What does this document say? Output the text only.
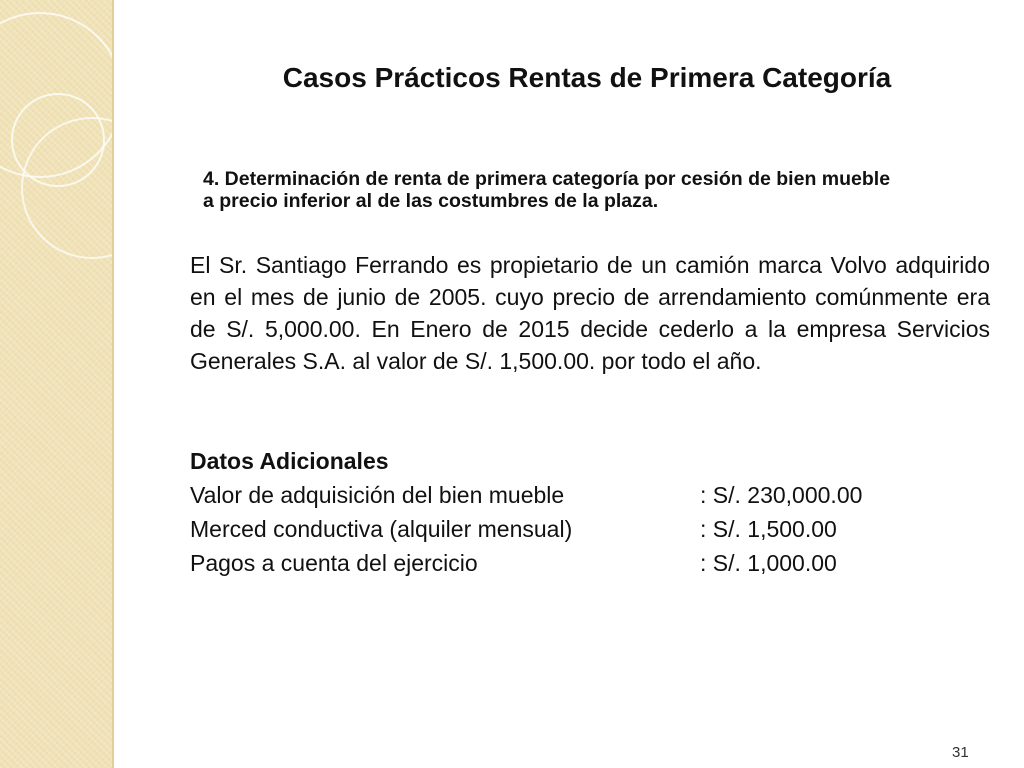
Casos Prácticos Rentas de Primera Categoría

4. Determinación de renta de primera categoría por cesión de bien mueble a precio inferior al de las costumbres de la plaza.

El Sr. Santiago Ferrando es propietario de un camión marca Volvo adquirido en el mes de junio de 2005. cuyo precio de arrendamiento comúnmente era de S/. 5,000.00. En Enero de 2015 decide cederlo a la empresa Servicios Generales S.A. al valor de S/. 1,500.00. por todo el año.

Datos Adicionales
Valor de adquisición del bien mueble	: S/. 230,000.00
Merced conductiva (alquiler mensual)	: S/. 1,500.00
Pagos a cuenta del ejercicio	: S/. 1,000.00
31
